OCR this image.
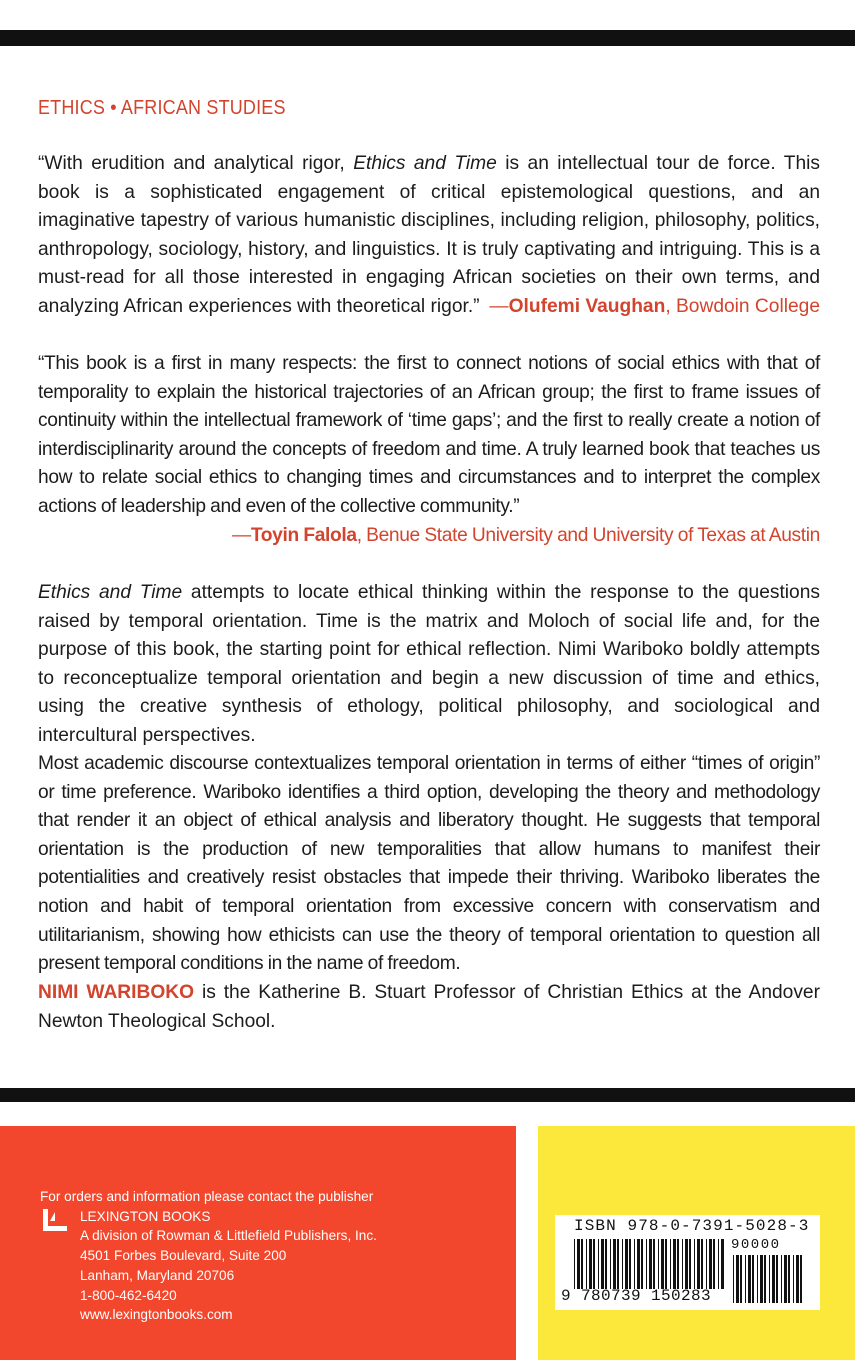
ETHICS • AFRICAN STUDIES
“With erudition and analytical rigor, Ethics and Time is an intellectual tour de force. This book is a sophisticated engagement of critical epistemological questions, and an imaginative tapestry of various humanistic disciplines, including religion, philosophy, politics, anthropology, sociology, history, and linguistics. It is truly captivating and intriguing. This is a must-read for all those interested in engaging African societies on their own terms, and analyzing African experiences with theoretical rigor.” —Olufemi Vaughan, Bowdoin College
“This book is a first in many respects: the first to connect notions of social ethics with that of temporality to explain the historical trajectories of an African group; the first to frame issues of continuity within the intellectual framework of ‘time gaps’; and the first to really create a notion of interdisciplinarity around the concepts of freedom and time. A truly learned book that teaches us how to relate social ethics to changing times and circumstances and to interpret the complex actions of leadership and even of the collective community.”
—Toyin Falola, Benue State University and University of Texas at Austin
Ethics and Time attempts to locate ethical thinking within the response to the questions raised by temporal orientation. Time is the matrix and Moloch of social life and, for the purpose of this book, the starting point for ethical reflection. Nimi Wariboko boldly attempts to reconceptualize temporal orientation and begin a new discussion of time and ethics, using the creative synthesis of ethology, political philosophy, and sociological and intercultural perspectives.
Most academic discourse contextualizes temporal orientation in terms of either “times of origin” or time preference. Wariboko identifies a third option, developing the theory and methodology that render it an object of ethical analysis and liberatory thought. He suggests that temporal orientation is the production of new temporalities that allow humans to manifest their potentialities and creatively resist obstacles that impede their thriving. Wariboko liberates the notion and habit of temporal orientation from excessive concern with conservatism and utilitarianism, showing how ethicists can use the theory of temporal orientation to question all present temporal conditions in the name of freedom.
NIMI WARIBOKO is the Katherine B. Stuart Professor of Christian Ethics at the Andover Newton Theological School.
For orders and information please contact the publisher
LEXINGTON BOOKS
A division of Rowman & Littlefield Publishers, Inc.
4501 Forbes Boulevard, Suite 200
Lanham, Maryland 20706
1-800-462-6420
www.lexingtonbooks.com
ISBN 978-0-7391-5028-3
90000
9 780739 150283
